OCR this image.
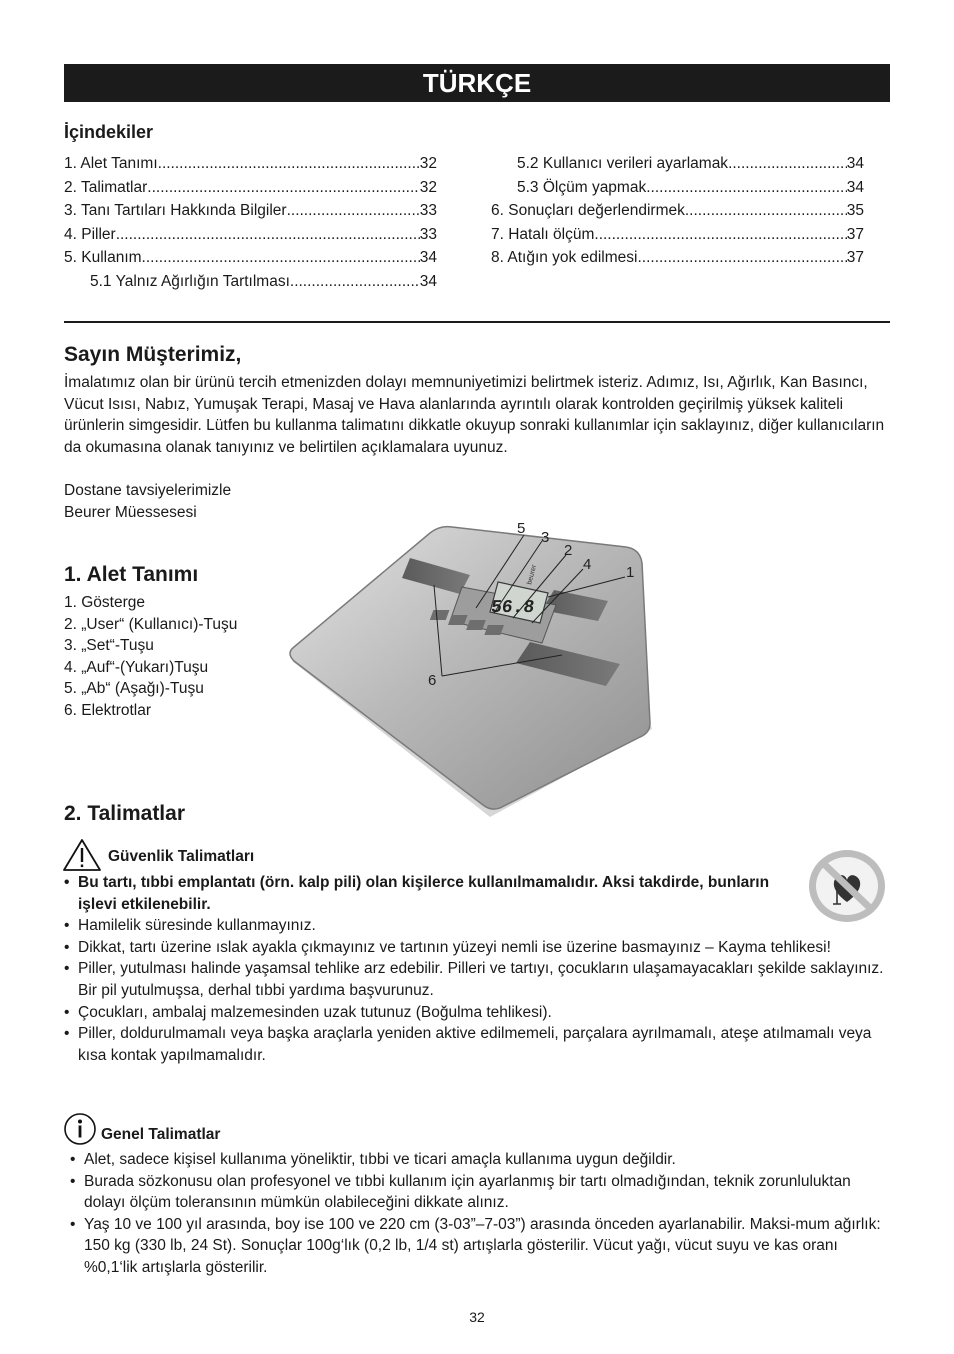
TÜRKÇE
İçindekiler
1. Alet Tanımı .....	32
2. Talimatlar .....	32
3. Tanı Tartıları Hakkında Bilgiler .....	33
4. Piller .....	33
5. Kullanım .....	34
5.1 Yalnız Ağırlığın Tartılması .....	34
5.2 Kullanıcı verileri ayarlamak .....	34
5.3 Ölçüm yapmak .....	34
6. Sonuçları değerlendirmek .....	35
7. Hatalı ölçüm .....	37
8. Atığın yok edilmesi .....	37
Sayın Müşterimiz,
İmalatımız olan bir ürünü tercih etmenizden dolayı memnuniyetimizi belirtmek isteriz. Adımız, Isı, Ağırlık, Kan Basıncı, Vücut Isısı, Nabız, Yumuşak Terapi, Masaj ve Hava alanlarında ayrıntılı olarak kontrolden geçirilmiş yüksek kaliteli ürünlerin simgesidir. Lütfen bu kullanma talimatını dikkatle okuyup sonraki kullanımlar için saklayınız, diğer kullanıcıların da okumasına olanak tanıyınız ve belirtilen açıklamalara uyunuz.
Dostane tavsiyelerimizle
Beurer Müessesesi
1. Alet Tanımı
1. Gösterge
2. „User“ (Kullanıcı)-Tuşu
3. „Set“-Tuşu
4. „Auf“-(Yukarı)Tuşu
5. „Ab“ (Aşağı)-Tuşu
6. Elektrotlar
56.8
beurer
5
3
2
4 1
6
2. Talimatlar
Güvenlik Talimatları
• Bu tartı, tıbbi emplantatı (örn. kalp pili) olan kişilerce kullanılmamalıdır. Aksi takdirde, bunların işlevi etkilenebilir.
• Hamilelik süresinde kullanmayınız.
• Dikkat, tartı üzerine ıslak ayakla çıkmayınız ve tartının yüzeyi nemli ise üzerine basmayınız – Kayma tehlikesi!
• Piller, yutulması halinde yaşamsal tehlike arz edebilir. Pilleri ve tartıyı, çocukların ulaşamayacakları şekilde saklayınız. Bir pil yutulmuşsa, derhal tıbbi yardıma başvurunuz.
• Çocukları, ambalaj malzemesinden uzak tutunuz (Boğulma tehlikesi).
• Piller, doldurulmamalı veya başka araçlarla yeniden aktive edilmemeli, parçalara ayrılmamalı, ateşe atılmamalı veya kısa kontak yapılmamalıdır.
Genel Talimatlar
• Alet, sadece kişisel kullanıma yöneliktir, tıbbi ve ticari amaçla kullanıma uygun değildir.
• Burada sözkonusu olan profesyonel ve tıbbi kullanım için ayarlanmış bir tartı olmadığından, teknik zorunluluktan dolayı ölçüm toleransının mümkün olabileceğini dikkate alınız.
• Yaş 10 ve 100 yıl arasında, boy ise 100 ve 220 cm (3-03”–7-03”) arasında önceden ayarlanabilir. Maksi-mum ağırlık: 150 kg (330 lb, 24 St). Sonuçlar 100g‘lık (0,2 lb, 1/4 st) artışlarla gösterilir. Vücut yağı, vücut suyu ve kas oranı %0,1‘lik artışlarla gösterilir.
32
